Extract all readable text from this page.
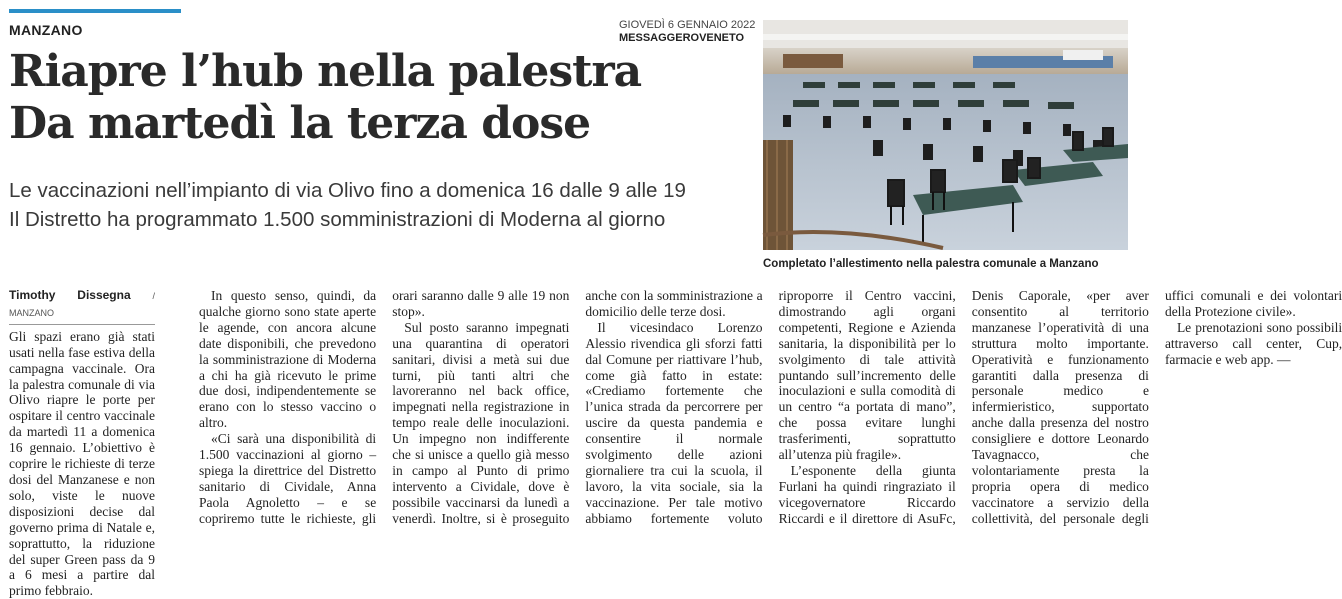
MANZANO	GIOVEDÌ 6 GENNAIO 2022
MESSAGGEROVENETO
Riapre l’hub nella palestra
Da martedì la terza dose
Le vaccinazioni nell’impianto di via Olivo fino a domenica 16 dalle 9 alle 19
Il Distretto ha programmato 1.500 somministrazioni di Moderna al giorno
Completato l’allestimento nella palestra comunale a Manzano
Timothy Dissegna / MANZANO

Gli spazi erano già stati usati nella fase estiva della campagna vaccinale. Ora la palestra comunale di via Olivo riapre le porte per ospitare il centro vaccinale da martedì 11 a domenica 16 gennaio. L’obiettivo è coprire le richieste di terze dosi del Manzanese e non solo, viste le nuove disposizioni decise dal governo prima di Natale e, soprattutto, la riduzione del super Green pass da 9 a 6 mesi a partire dal primo febbraio.

In questo senso, quindi, da qualche giorno sono state aperte le agende, con ancora alcune date disponibili, che prevedono la somministrazione di Moderna a chi ha già ricevuto le prime due dosi, indipendentemente se erano con lo stesso vaccino o altro.

«Ci sarà una disponibilità di 1.500 vaccinazioni al giorno – spiega la direttrice del Distretto sanitario di Cividale, Anna Paola Agnoletto – e se copriremo tutte le richieste, gli orari saranno dalle 9 alle 19 non stop».

Sul posto saranno impegnati una quarantina di operatori sanitari, divisi a metà sui due turni, più tanti altri che lavoreranno nel back office, impegnati nella registrazione in tempo reale delle inoculazioni. Un impegno non indifferente che si unisce a quello già messo in campo al Punto di primo intervento a Cividale, dove è possibile vaccinarsi da lunedì a venerdì. Inoltre, si è proseguito anche con la somministrazione a domicilio delle terze dosi.

Il vicesindaco Lorenzo Alessio rivendica gli sforzi fatti dal Comune per riattivare l’hub, come già fatto in estate: «Crediamo fortemente che l’unica strada da percorrere per uscire da questa pandemia e consentire il normale svolgimento delle azioni giornaliere tra cui la scuola, il lavoro, la vita sociale, sia la vaccinazione. Per tale motivo abbiamo fortemente voluto riproporre il Centro vaccini, dimostrando agli organi competenti, Regione e Azienda sanitaria, la disponibilità per lo svolgimento di tale attività puntando sull’incremento delle inoculazioni e sulla comodità di un centro “a portata di mano”, che possa evitare lunghi trasferimenti, soprattutto all’utenza più fragile».

L’esponente della giunta Furlani ha quindi ringraziato il vicegovernatore Riccardo Riccardi e il direttore di AsuFc, Denis Caporale, «per aver consentito al territorio manzanese l’operatività di una struttura molto importante. Operatività e funzionamento garantiti dalla presenza di personale medico e infermieristico, supportato anche dalla presenza del nostro consigliere e dottore Leonardo Tavagnacco, che volontariamente presta la propria opera di medico vaccinatore a servizio della collettività, del personale degli uffici comunali e dei volontari della Protezione civile».

Le prenotazioni sono possibili attraverso call center, Cup, farmacie e web app. —
